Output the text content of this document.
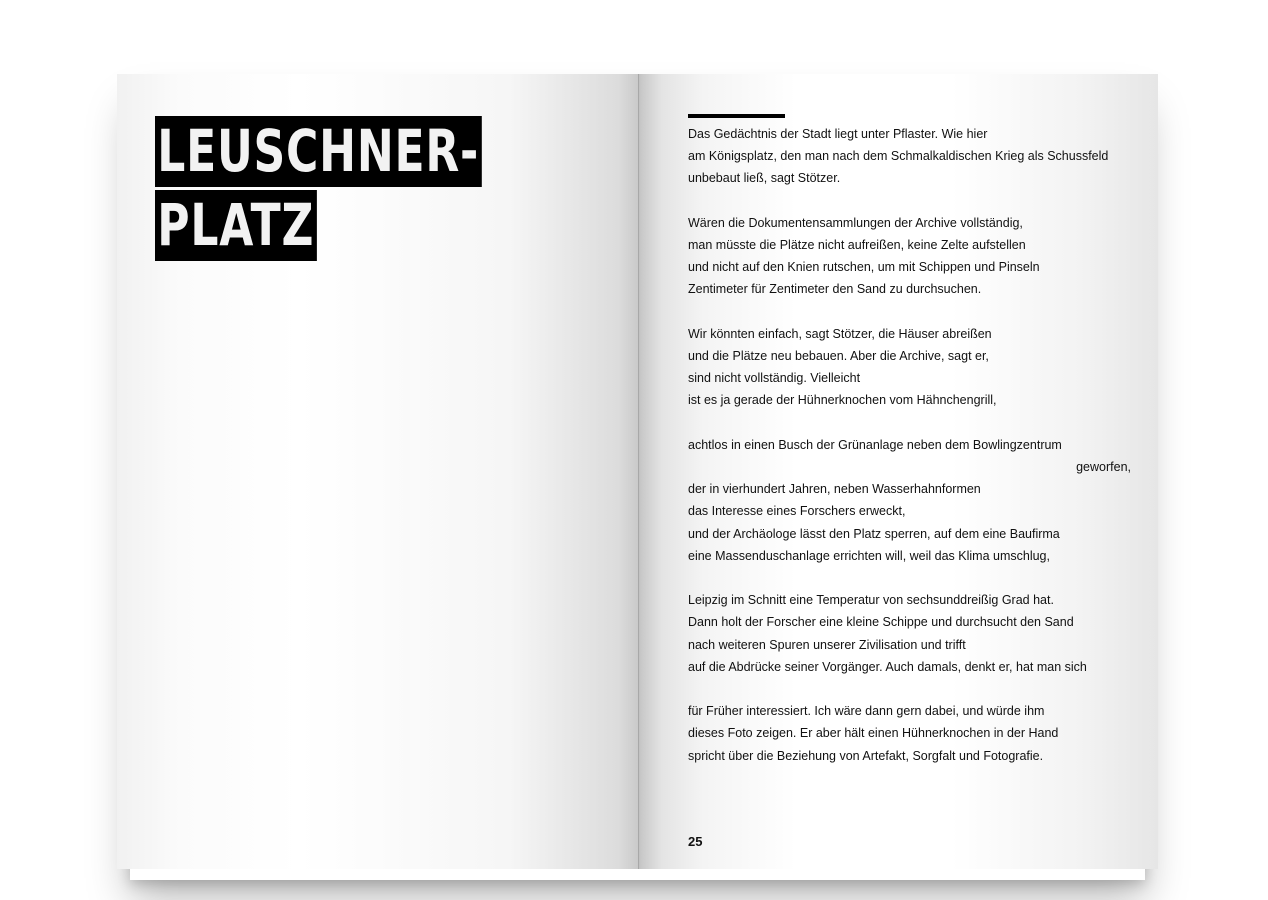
LEUSCHNER-
PLATZ
Das Gedächtnis der Stadt liegt unter Pflaster. Wie hier
am Königsplatz, den man nach dem Schmalkaldischen Krieg als Schussfeld
unbebaut ließ, sagt Stötzer.
Wären die Dokumentensammlungen der Archive vollständig,
man müsste die Plätze nicht aufreißen, keine Zelte aufstellen
und nicht auf den Knien rutschen, um mit Schippen und Pinseln
Zentimeter für Zentimeter den Sand zu durchsuchen.
Wir könnten einfach, sagt Stötzer, die Häuser abreißen
und die Plätze neu bebauen. Aber die Archive, sagt er,
sind nicht vollständig. Vielleicht
ist es ja gerade der Hühnerknochen vom Hähnchengrill,
achtlos in einen Busch der Grünanlage neben dem Bowlingzentrum
geworfen,
der in vierhundert Jahren, neben Wasserhahnformen
das Interesse eines Forschers erweckt,
und der Archäologe lässt den Platz sperren, auf dem eine Baufirma
eine Massenduschanlage errichten will, weil das Klima umschlug,
Leipzig im Schnitt eine Temperatur von sechsunddreißig Grad hat.
Dann holt der Forscher eine kleine Schippe und durchsucht den Sand
nach weiteren Spuren unserer Zivilisation und trifft
auf die Abdrücke seiner Vorgänger. Auch damals, denkt er, hat man sich
für Früher interessiert. Ich wäre dann gern dabei, und würde ihm
dieses Foto zeigen. Er aber hält einen Hühnerknochen in der Hand
spricht über die Beziehung von Artefakt, Sorgfalt und Fotografie.
25
